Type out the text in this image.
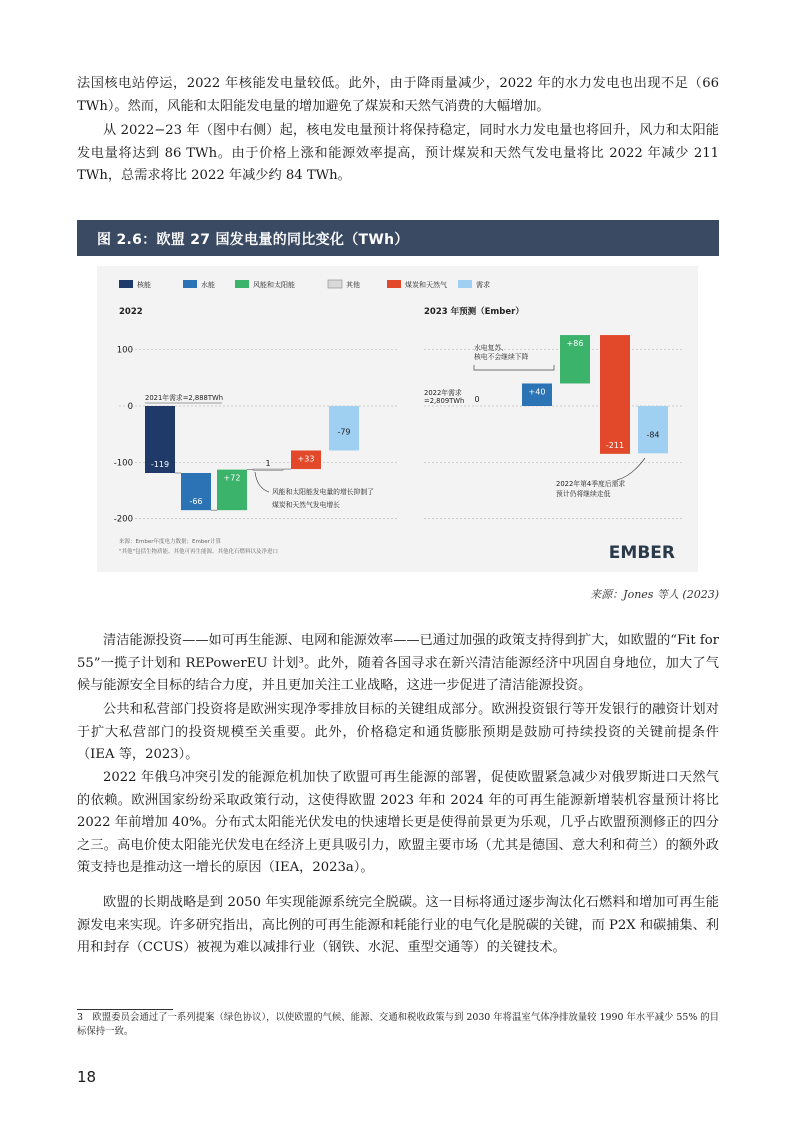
法国核电站停运，2022 年核能发电量较低。此外，由于降雨量减少，2022 年的水力发电也出现不足（66 TWh）。然而，风能和太阳能发电量的增加避免了煤炭和天然气消费的大幅增加。

从 2022−23 年（图中右侧）起，核电发电量预计将保持稳定，同时水力发电量也将回升，风力和太阳能发电量将达到 86 TWh。由于价格上涨和能源效率提高，预计煤炭和天然气发电量将比 2022 年减少 211 TWh，总需求将比 2022 年减少约 84 TWh。

图 2.6：欧盟 27 国发电量的同比变化（TWh）
核能	水能	风能和太阳能	其他	煤炭和天然气	需求
100
0
-100
-200
2022	2023 年预测（Ember）
-119
-66
+72
1
+33
-79
0
+40
+86
-211
-84
2021年需求=2,888TWh
2022年需求
=2,809TWh
风能和太阳能发电量的增长抑制了
煤炭和天然气发电增长
水电复苏、
核电不会继续下降
2022年第4季度后需求
预计仍将继续走低
来源：Ember年度电力数据；Ember计算
"其他"包括生物质能、其他可再生能源、其他化石燃料以及净进口	EMBER
来源：Jones 等人 (2023)

清洁能源投资——如可再生能源、电网和能源效率——已通过加强的政策支持得到扩大，如欧盟的“Fit for 55”一揽子计划和 REPowerEU 计划³。此外，随着各国寻求在新兴清洁能源经济中巩固自身地位，加大了气候与能源安全目标的结合力度，并且更加关注工业战略，这进一步促进了清洁能源投资。

公共和私营部门投资将是欧洲实现净零排放目标的关键组成部分。欧洲投资银行等开发银行的融资计划对于扩大私营部门的投资规模至关重要。此外，价格稳定和通货膨胀预期是鼓励可持续投资的关键前提条件（IEA 等，2023）。

2022 年俄乌冲突引发的能源危机加快了欧盟可再生能源的部署，促使欧盟紧急减少对俄罗斯进口天然气的依赖。欧洲国家纷纷采取政策行动，这使得欧盟 2023 年和 2024 年的可再生能源新增装机容量预计将比 2022 年前增加 40%。分布式太阳能光伏发电的快速增长更是使得前景更为乐观，几乎占欧盟预测修正的四分之三。高电价使太阳能光伏发电在经济上更具吸引力，欧盟主要市场（尤其是德国、意大利和荷兰）的额外政策支持也是推动这一增长的原因（IEA，2023a）。

欧盟的长期战略是到 2050 年实现能源系统完全脱碳。这一目标将通过逐步淘汰化石燃料和增加可再生能源发电来实现。许多研究指出，高比例的可再生能源和耗能行业的电气化是脱碳的关键，而 P2X 和碳捕集、利用和封存（CCUS）被视为难以减排行业（钢铁、水泥、重型交通等）的关键技术。

3　欧盟委员会通过了一系列提案（绿色协议），以使欧盟的气候、能源、交通和税收政策与到 2030 年将温室气体净排放量较 1990 年水平减少 55% 的目标保持一致。

18
